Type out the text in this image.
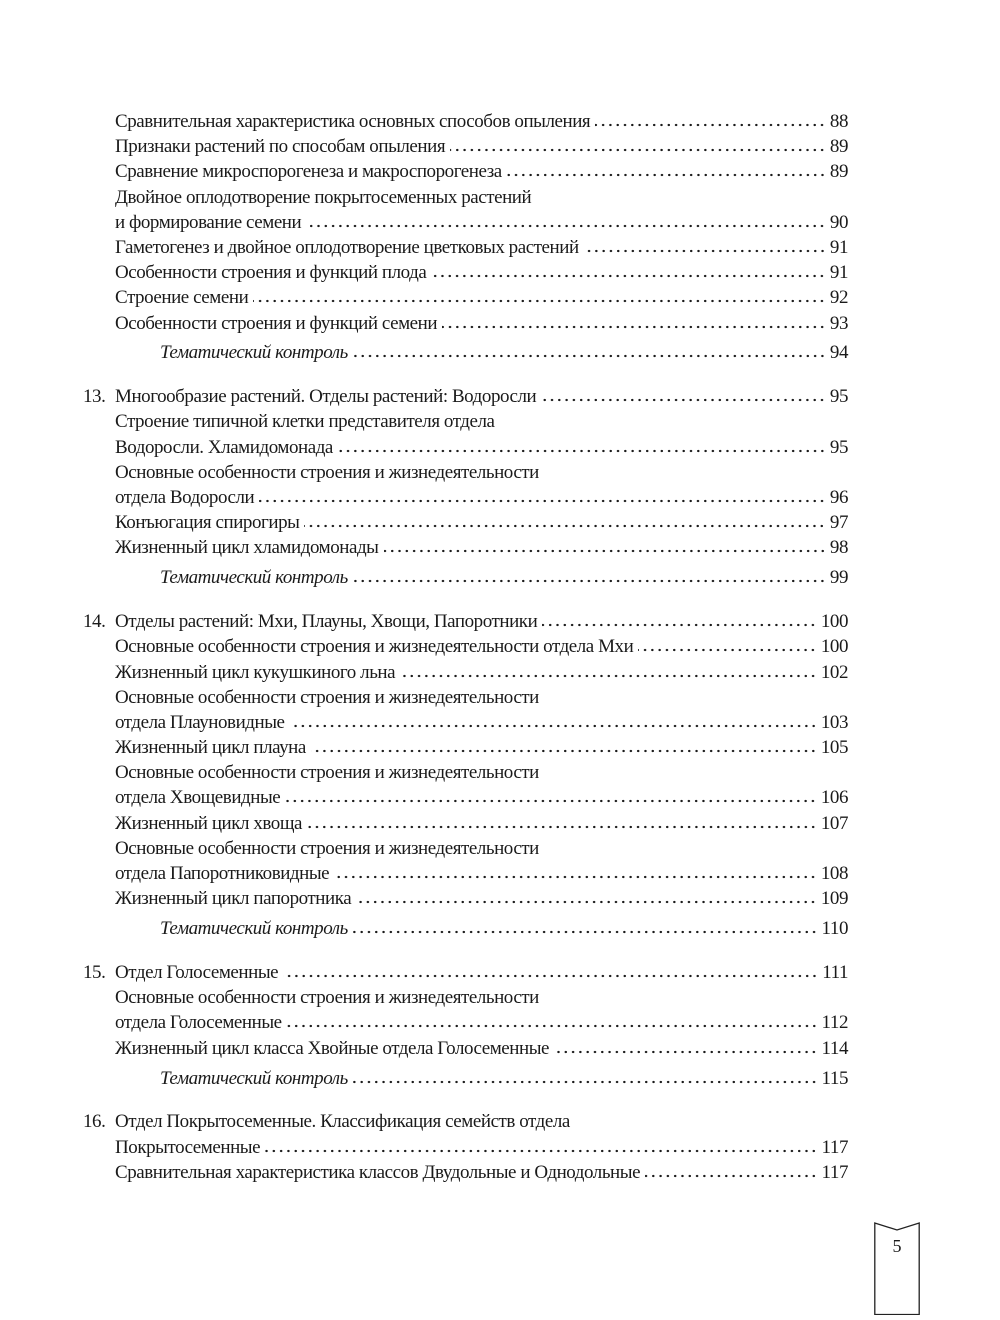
Сравнительная характеристика основных способов опыления	88
Признаки растений по способам опыления	89
Сравнение микроспорогенеза и макроспорогенеза	89
Двойное оплодотворение покрытосеменных растений
и формирование семени	90
Гаметогенез и двойное оплодотворение цветковых растений	91
Особенности строения и функций плода	91
Строение семени	92
Особенности строения и функций семени	93
Тематический контроль	94
13. Многообразие растений. Отделы растений: Водоросли	95
Строение типичной клетки представителя отдела
Водоросли. Хламидомонада	95
Основные особенности строения и жизнедеятельности
отдела Водоросли	96
Конъюгация спирогиры	97
Жизненный цикл хламидомонады	98
Тематический контроль	99
14. Отделы растений: Мхи, Плауны, Хвощи, Папоротники	100
Основные особенности строения и жизнедеятельности отдела Мхи	100
Жизненный цикл кукушкиного льна	102
Основные особенности строения и жизнедеятельности
отдела Плауновидные	103
Жизненный цикл плауна	105
Основные особенности строения и жизнедеятельности
отдела Хвощевидные	106
Жизненный цикл хвоща	107
Основные особенности строения и жизнедеятельности
отдела Папоротниковидные	108
Жизненный цикл папоротника	109
Тематический контроль	110
15. Отдел Голосеменные	111
Основные особенности строения и жизнедеятельности
отдела Голосеменные	112
Жизненный цикл класса Хвойные отдела Голосеменные	114
Тематический контроль	115
16. Отдел Покрытосеменные. Классификация семейств отдела
Покрытосеменные	117
Сравнительная характеристика классов Двудольные и Однодольные	117
5
